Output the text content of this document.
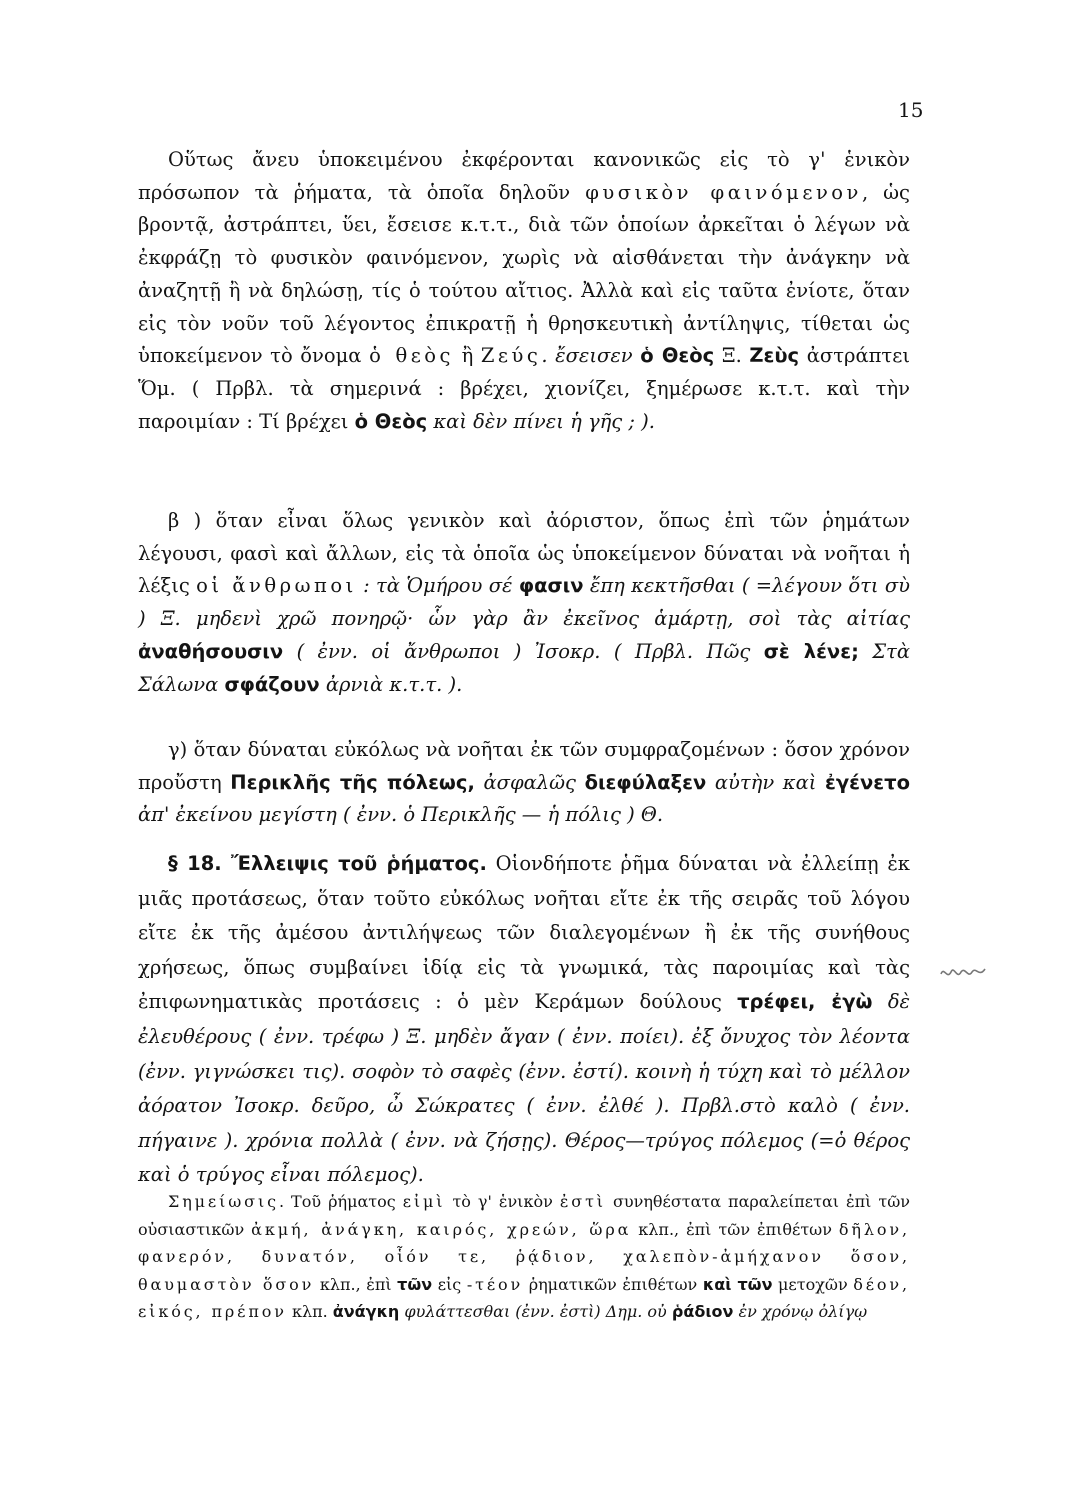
15

Οὕτως ἄνευ ὑποκειμένου ἐκφέρονται κανονικῶς εἰς τὸ γ' ἑνικὸν πρόσωπον τὰ ῥήματα, τὰ ὁποῖα δηλοῦν φυσικὸν φαινόμενον, ὡς βροντᾷ, ἀστράπτει, ὕει, ἔσεισε κ.τ.τ., διὰ τῶν ὁποίων ἀρκεῖται ὁ λέγων νὰ ἐκφράζῃ τὸ φυσικὸν φαινόμενον, χωρὶς νὰ αἰσθάνεται τὴν ἀνάγκην νὰ ἀναζητῇ ἢ νὰ δηλώσῃ, τίς ὁ τούτου αἴτιος. Ἀλλὰ καὶ εἰς ταῦτα ἐνίοτε, ὅταν εἰς τὸν νοῦν τοῦ λέγοντος ἐπικρατῇ ἡ θρησκευτικὴ ἀντίληψις, τίθεται ὡς ὑποκείμενον τὸ ὄνομα ὁ θεὸς ἢ Ζεύς. ἔσεισεν ὁ Θεὸς Ξ. Ζεὺς ἀστράπτει Ὅμ. ( Πρβλ. τὰ σημερινά : βρέχει, χιονίζει, ξημέρωσε κ.τ.τ. καὶ τὴν παροιμίαν : Τί βρέχει ὁ Θεὸς καὶ δὲν πίνει ἡ γῆς ; ).

β ) ὅταν εἶναι ὅλως γενικὸν καὶ ἀόριστον, ὅπως ἐπὶ τῶν ῥημάτων λέγουσι, φασὶ καὶ ἄλλων, εἰς τὰ ὁποῖα ὡς ὑποκείμενον δύναται νὰ νοῆται ἡ λέξις οἱ ἄνθρωποι : τὰ Ὁμήρου σέ φασιν ἔπη κεκτῆσθαι ( =λέγουν ὅτι σὺ ) Ξ. μηδενὶ χρῶ πονηρῷ· ὧν γὰρ ἂν ἐκεῖνος ἁμάρτῃ, σοὶ τὰς αἰτίας ἀναθήσουσιν ( ἐνν. οἱ ἄνθρωποι ) Ἰσοκρ. ( Πρβλ. Πῶς σὲ λένε; Στὰ Σάλωνα σφάζουν ἀρνιὰ κ.τ.τ. ).

γ) ὅταν δύναται εὐκόλως νὰ νοῆται ἐκ τῶν συμφραζομένων : ὅσον χρόνον προὔστη Περικλῆς τῆς πόλεως, ἀσφαλῶς διεφύλαξεν αὐτὴν καὶ ἐγένετο ἀπ' ἐκείνου μεγίστη ( ἐνν. ὁ Περικλῆς — ἡ πόλις ) Θ.

§ 18. Ἔλλειψις τοῦ ῥήματος. Οἱονδήποτε ῥῆμα δύναται νὰ ἐλλείπῃ ἐκ μιᾶς προτάσεως, ὅταν τοῦτο εὐκόλως νοῆται εἴτε ἐκ τῆς σειρᾶς τοῦ λόγου εἴτε ἐκ τῆς ἀμέσου ἀντιλήψεως τῶν διαλεγομένων ἢ ἐκ τῆς συνήθους χρήσεως, ὅπως συμβαίνει ἰδίᾳ εἰς τὰ γνωμικά, τὰς παροιμίας καὶ τὰς ἐπιφωνηματικὰς προτάσεις : ὁ μὲν Κεράμων δούλους τρέφει, ἐγὼ δὲ ἐλευθέρους ( ἐνν. τρέφω ) Ξ. μηδὲν ἄγαν ( ἐνν. ποίει). ἐξ ὄνυχος τὸν λέοντα (ἐνν. γιγνώσκει τις). σοφὸν τὸ σαφὲς (ἐνν. ἐστί). κοινὴ ἡ τύχη καὶ τὸ μέλλον ἀόρατον Ἰσοκρ. δεῦρο, ὦ Σώκρατες ( ἐνν. ἐλθέ ). Πρβλ.στὸ καλὸ ( ἐνν. πήγαινε ). χρόνια πολλὰ ( ἐνν. νὰ ζήσῃς). Θέρος—τρύγος πόλεμος (=ὁ θέρος καὶ ὁ τρύγος εἶναι πόλεμος).

Σημείωσις. Τοῦ ῥήματος εἰμὶ τὸ γ' ἑνικὸν ἐστὶ συνηθέστατα παραλείπεται ἐπὶ τῶν οὐσιαστικῶν ἀκμή, ἀνάγκη, καιρός, χρεών, ὥρα κλπ., ἐπὶ τῶν ἐπιθέτων δῆλον, φανερόν, δυνατόν, οἷόν τε, ῥᾴδιον, χαλεπὸν-ἀμήχανον ὅσον, θαυμαστὸν ὅσον κλπ., ἐπὶ τῶν εἰς -τέον ῥηματικῶν ἐπιθέτων καὶ τῶν μετοχῶν δέον, εἰκός, πρέπον κλπ. ἀνάγκη φυλάττεσθαι (ἐνν. ἐστὶ) Δημ. οὐ ῥάδιον ἐν χρόνῳ ὀλίγῳ
